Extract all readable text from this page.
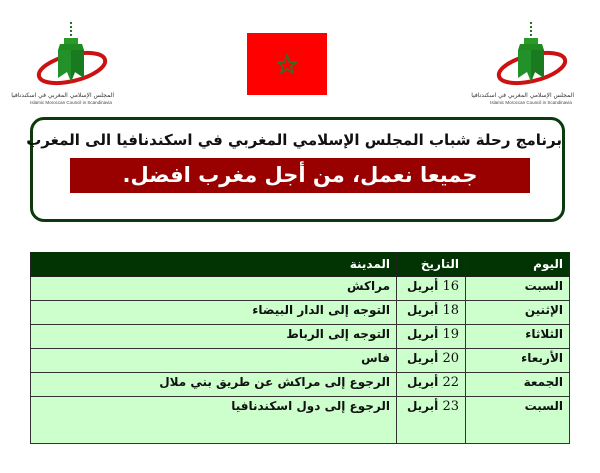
المجلس الإسلامي المغربي في اسكندنافيا
Islamic Moroccan Council in Scandinavia
المجلس الإسلامي المغربي في اسكندنافيا
Islamic Moroccan Council in Scandinavia
برنامج رحلة شباب المجلس الإسلامي المغربي في اسكندنافيا الى المغرب
جميعا نعمل، من أجل مغرب افضل.
اليوم	التاريخ	المدينة
السبت	16 أبريل	مراكش
الإثنين	18 أبريل	التوجه إلى الدار البيضاء
الثلاثاء	19 أبريل	التوجه إلى الرباط
الأربعاء	20 أبريل	فاس
الجمعة	22 أبريل	الرجوع إلى مراكش عن طريق بني ملال
السبت	23 أبريل	الرجوع إلى دول اسكندنافيا
